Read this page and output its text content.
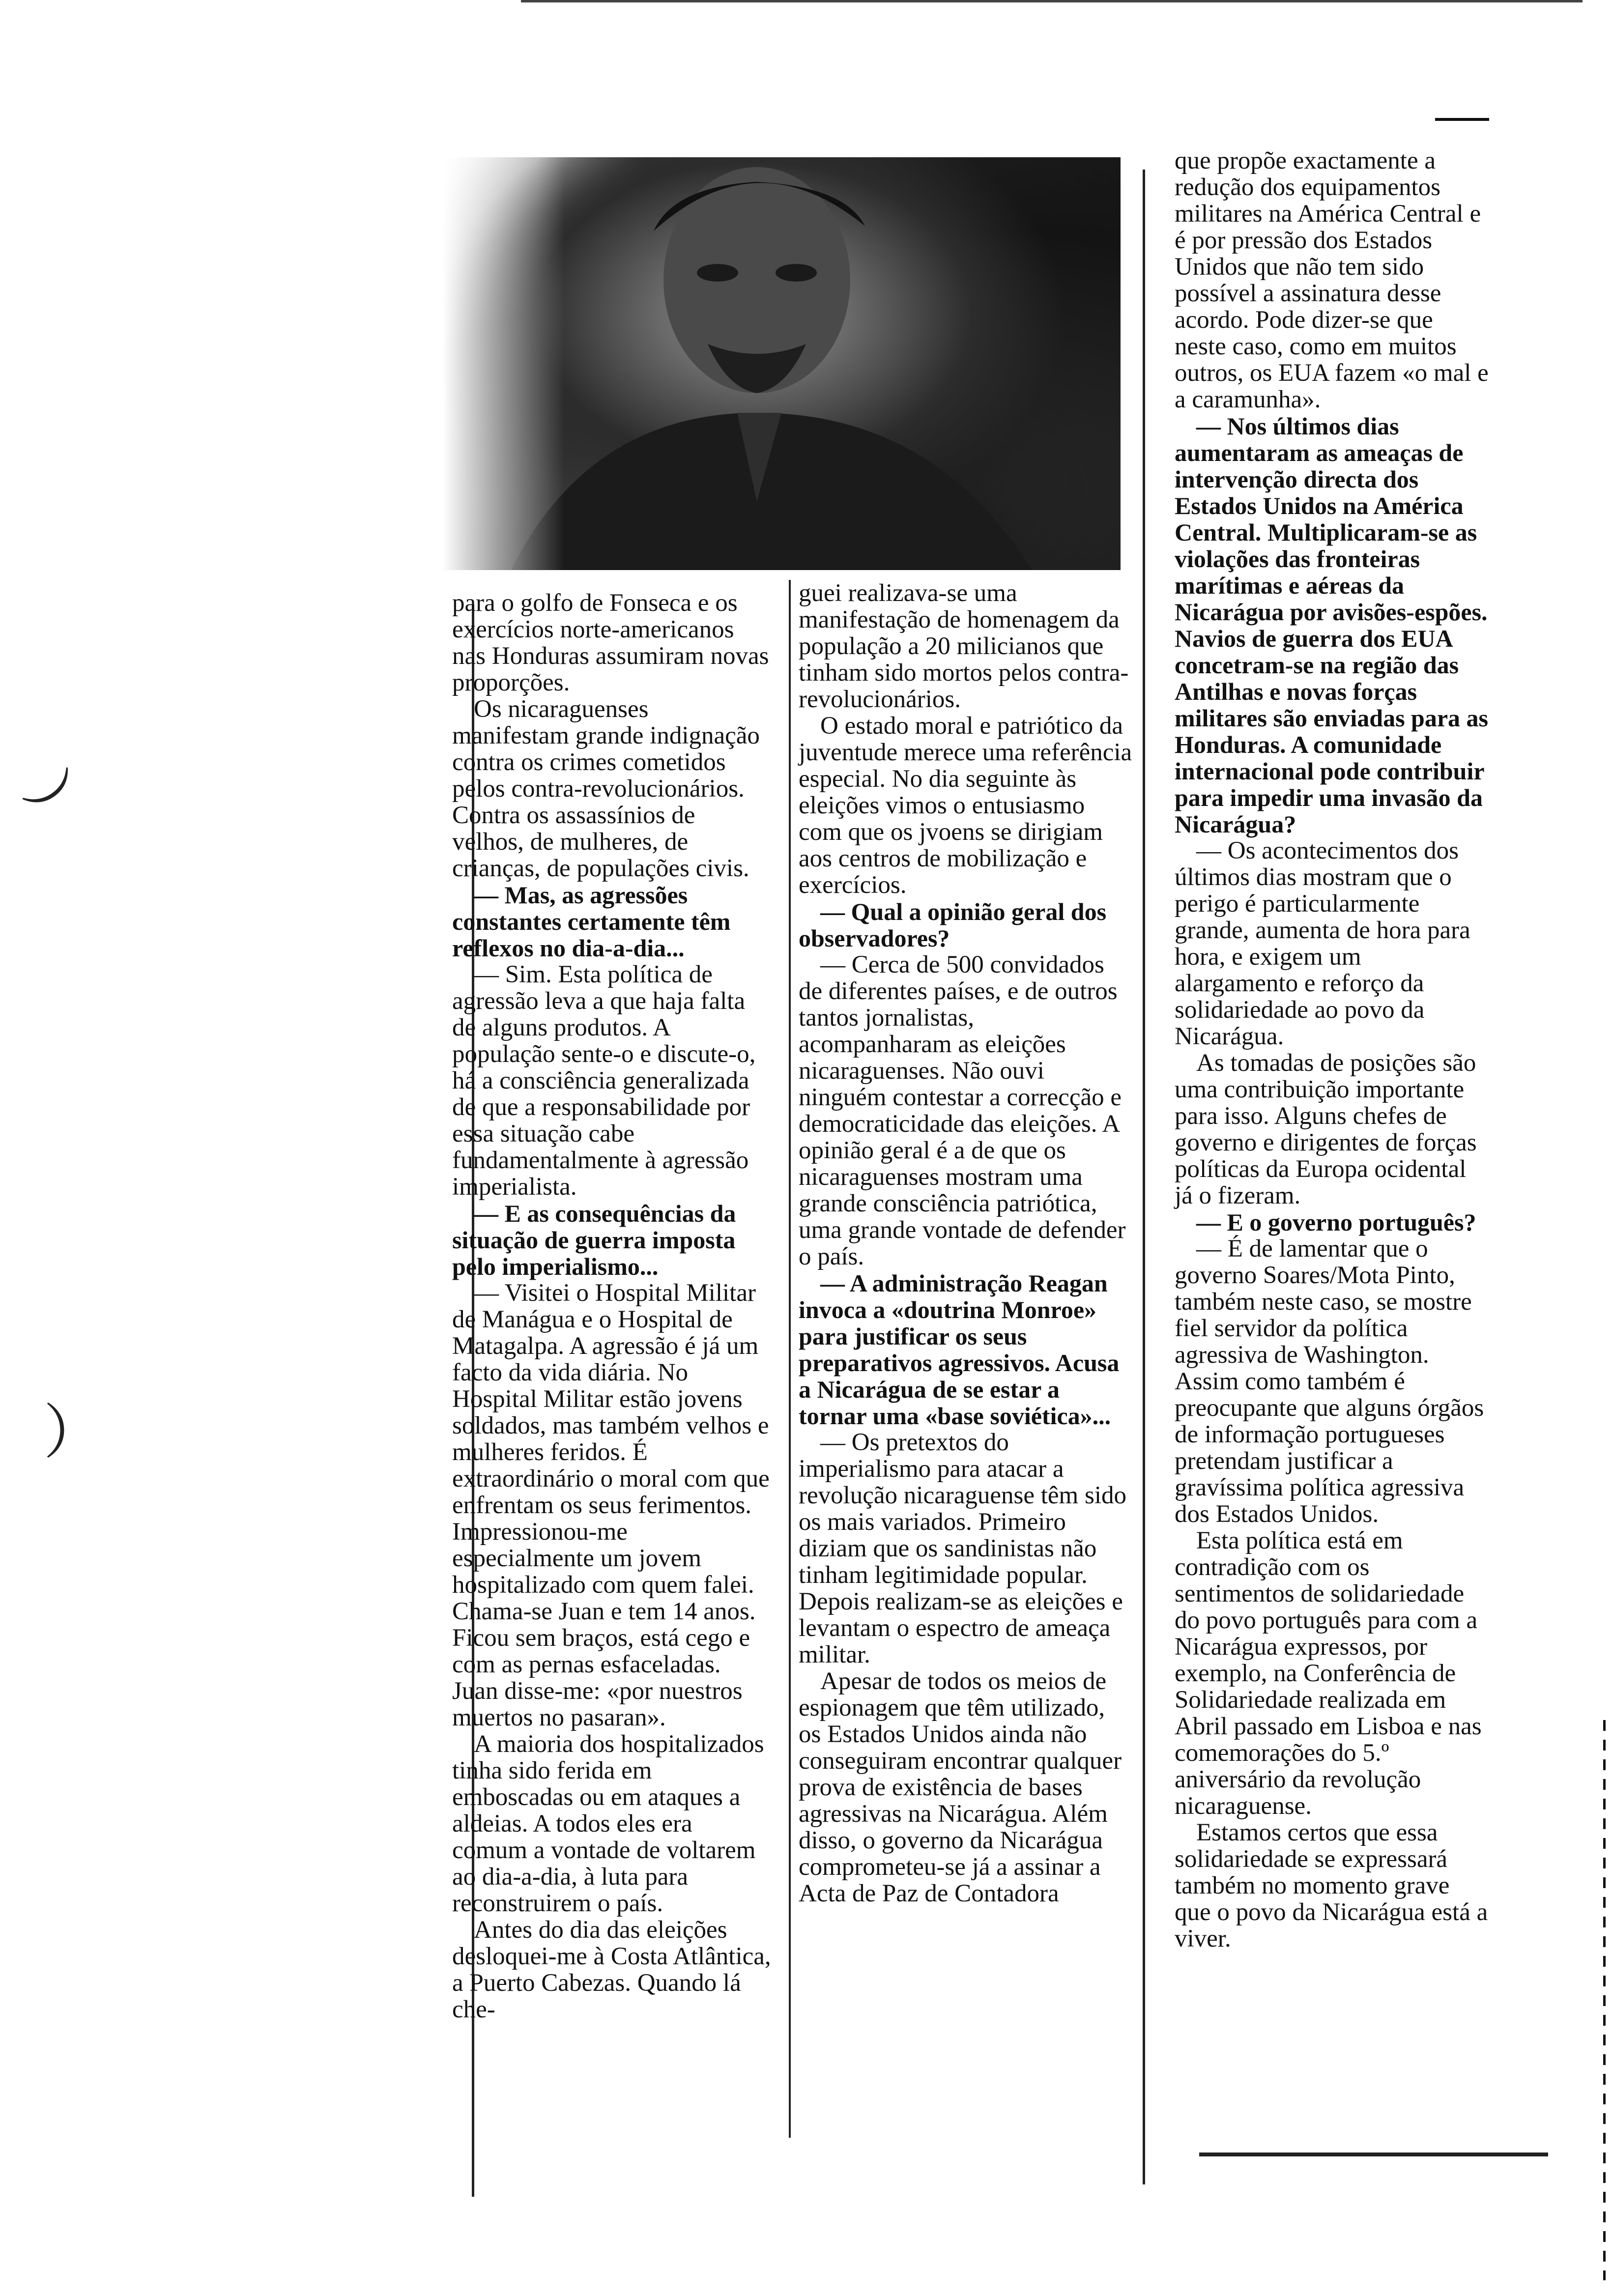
︶
︶

para o golfo de Fonseca e os exercícios norte-americanos nas Honduras assumiram novas proporções.

Os nicaraguenses manifestam grande indignação contra os crimes cometidos pelos contra-revolucionários. Contra os assassínios de velhos, de mulheres, de crianças, de populações civis.

— Mas, as agressões constantes certamente têm reflexos no dia-a-dia...

— Sim. Esta política de agressão leva a que haja falta de alguns produtos. A população sente-o e discute-o, há a consciência generalizada de que a responsabilidade por essa situação cabe fundamentalmente à agressão imperialista.

— E as consequências da situação de guerra imposta pelo imperialismo...

— Visitei o Hospital Militar de Manágua e o Hospital de Matagalpa. A agressão é já um facto da vida diária. No Hospital Militar estão jovens soldados, mas também velhos e mulheres feridos. É extraordinário o moral com que enfrentam os seus ferimentos. Impressionou-me especialmente um jovem hospitalizado com quem falei. Chama-se Juan e tem 14 anos. Ficou sem braços, está cego e com as pernas esfaceladas. Juan disse-me: «por nuestros muertos no pasaran».

A maioria dos hospitalizados tinha sido ferida em emboscadas ou em ataques a aldeias. A todos eles era comum a vontade de voltarem ao dia-a-dia, à luta para reconstruirem o país.

Antes do dia das eleições desloquei-me à Costa Atlântica, a Puerto Cabezas. Quando lá che-

guei realizava-se uma manifestação de homenagem da população a 20 milicianos que tinham sido mortos pelos contra-revolucionários.

O estado moral e patriótico da juventude merece uma referência especial. No dia seguinte às eleições vimos o entusiasmo com que os jvoens se dirigiam aos centros de mobilização e exercícios.

— Qual a opinião geral dos observadores?

— Cerca de 500 convidados de diferentes países, e de outros tantos jornalistas, acompanharam as eleições nicaraguenses. Não ouvi ninguém contestar a correcção e democraticidade das eleições. A opinião geral é a de que os nicaraguenses mostram uma grande consciência patriótica, uma grande vontade de defender o país.

— A administração Reagan invoca a «doutrina Monroe» para justificar os seus preparativos agressivos. Acusa a Nicarágua de se estar a tornar uma «base soviética»...

— Os pretextos do imperialismo para atacar a revolução nicaraguense têm sido os mais variados. Primeiro diziam que os sandinistas não tinham legitimidade popular. Depois realizam-se as eleições e levantam o espectro de ameaça militar.

Apesar de todos os meios de espionagem que têm utilizado, os Estados Unidos ainda não conseguiram encontrar qualquer prova de existência de bases agressivas na Nicarágua. Além disso, o governo da Nicarágua comprometeu-se já a assinar a Acta de Paz de Contadora

que propõe exactamente a redução dos equipamentos militares na América Central e é por pressão dos Estados Unidos que não tem sido possível a assinatura desse acordo. Pode dizer-se que neste caso, como em muitos outros, os EUA fazem «o mal e a caramunha».

— Nos últimos dias aumentaram as ameaças de intervenção directa dos Estados Unidos na América Central. Multiplicaram-se as violações das fronteiras marítimas e aéreas da Nicarágua por avisões-espões. Navios de guerra dos EUA concetram-se na região das Antilhas e novas forças militares são enviadas para as Honduras. A comunidade internacional pode contribuir para impedir uma invasão da Nicarágua?

— Os acontecimentos dos últimos dias mostram que o perigo é particularmente grande, aumenta de hora para hora, e exigem um alargamento e reforço da solidariedade ao povo da Nicarágua.

As tomadas de posições são uma contribuição importante para isso. Alguns chefes de governo e dirigentes de forças políticas da Europa ocidental já o fizeram.

— E o governo português?

— É de lamentar que o governo Soares/Mota Pinto, também neste caso, se mostre fiel servidor da política agressiva de Washington. Assim como também é preocupante que alguns órgãos de informação portugueses pretendam justificar a gravíssima política agressiva dos Estados Unidos.

Esta política está em contradição com os sentimentos de solidariedade do povo português para com a Nicarágua expressos, por exemplo, na Conferência de Solidariedade realizada em Abril passado em Lisboa e nas comemorações do 5.º aniversário da revolução nicaraguense.

Estamos certos que essa solidariedade se expressará também no momento grave que o povo da Nicarágua está a viver.
